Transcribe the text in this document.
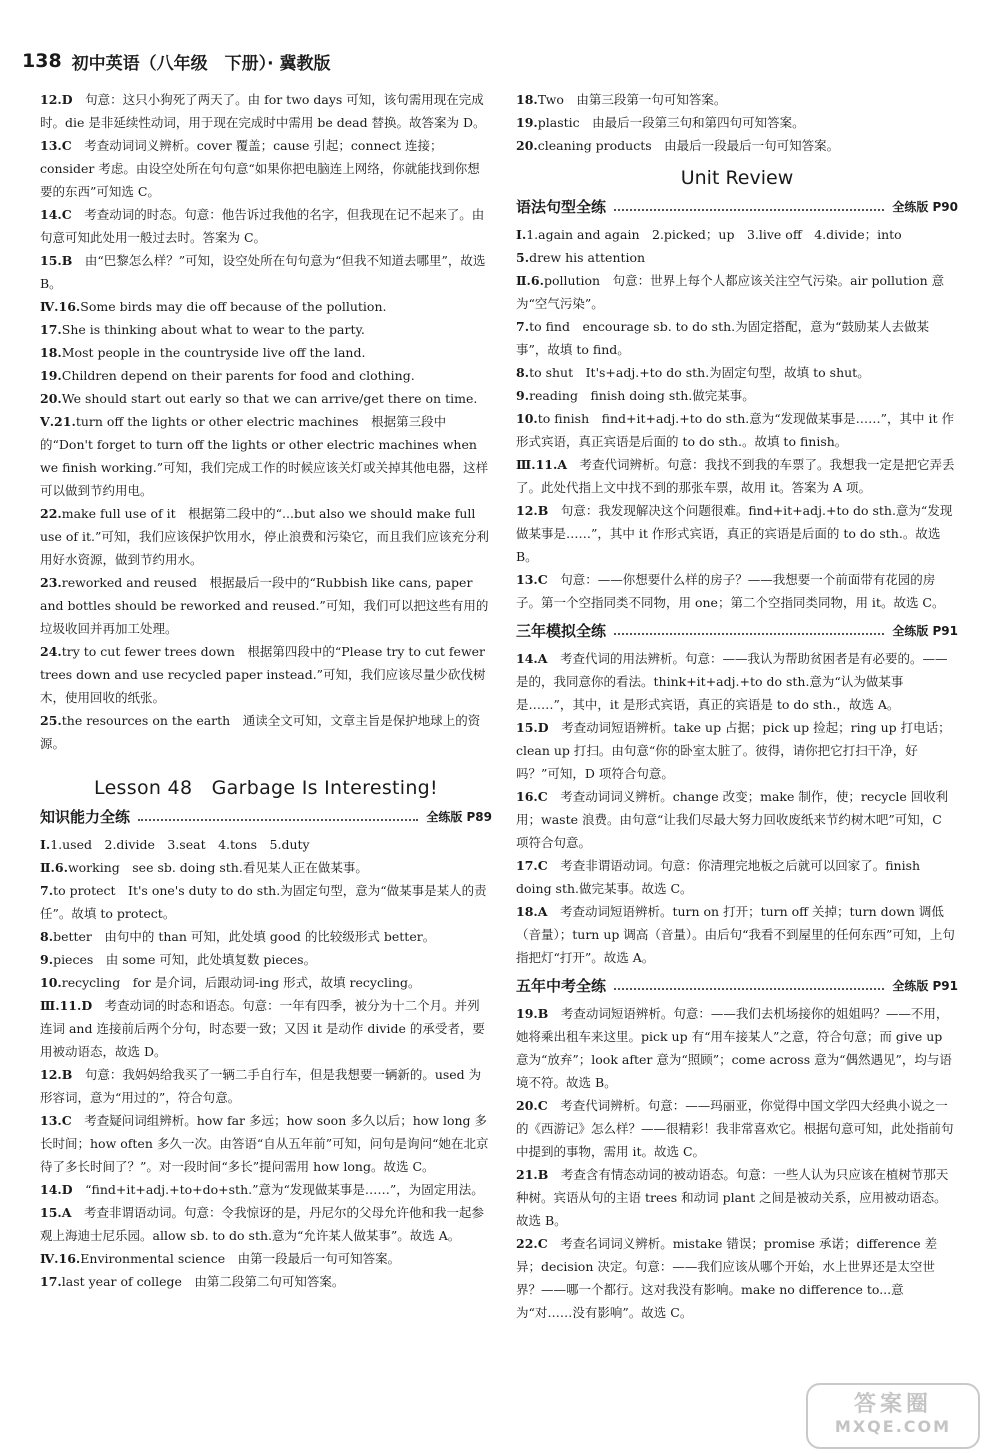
138 初中英语（八年级　下册）· 冀教版

12.D　句意：这只小狗死了两天了。由 for two days 可知，该句需用现在完成时。die 是非延续性动词，用于现在完成时中需用 be dead 替换。故答案为 D。

13.C　考查动词词义辨析。cover 覆盖；cause 引起；connect 连接；consider 考虑。由设空处所在句句意“如果你把电脑连上网络，你就能找到你想要的东西”可知选 C。

14.C　考查动词的时态。句意：他告诉过我他的名字，但我现在记不起来了。由句意可知此处用一般过去时。答案为 C。

15.B　由“巴黎怎么样？”可知，设空处所在句句意为“但我不知道去哪里”，故选 B。

Ⅳ.16.Some birds may die off because of the pollution.

17.She is thinking about what to wear to the party.

18.Most people in the countryside live off the land.

19.Children depend on their parents for food and clothing.

20.We should start out early so that we can arrive/get there on time.

Ⅴ.21.turn off the lights or other electric machines　根据第三段中的“Don't forget to turn off the lights or other electric machines when we finish working.”可知，我们完成工作的时候应该关灯或关掉其他电器，这样可以做到节约用电。

22.make full use of it　根据第二段中的“...but also we should make full use of it.”可知，我们应该保护饮用水，停止浪费和污染它，而且我们应该充分利用好水资源，做到节约用水。

23.reworked and reused　根据最后一段中的“Rubbish like cans, paper and bottles should be reworked and reused.”可知，我们可以把这些有用的垃圾收回并再加工处理。

24.try to cut fewer trees down　根据第四段中的“Please try to cut fewer trees down and use recycled paper instead.”可知，我们应该尽量少砍伐树木，使用回收的纸张。

25.the resources on the earth　通读全文可知，文章主旨是保护地球上的资源。

Lesson 48　Garbage Is Interesting!
知识能力全练	全练版 P89

Ⅰ.1.used　2.divide　3.seat　4.tons　5.duty

Ⅱ.6.working　see sb. doing sth.看见某人正在做某事。

7.to protect　It's one's duty to do sth.为固定句型，意为“做某事是某人的责任”。故填 to protect。

8.better　由句中的 than 可知，此处填 good 的比较级形式 better。

9.pieces　由 some 可知，此处填复数 pieces。

10.recycling　for 是介词，后跟动词-ing 形式，故填 recycling。

Ⅲ.11.D　考查动词的时态和语态。句意：一年有四季，被分为十二个月。并列连词 and 连接前后两个分句，时态要一致；又因 it 是动作 divide 的承受者，要用被动语态，故选 D。

12.B　句意：我妈妈给我买了一辆二手自行车，但是我想要一辆新的。used 为形容词，意为“用过的”，符合句意。

13.C　考查疑问词组辨析。how far 多远；how soon 多久以后；how long 多长时间；how often 多久一次。由答语“自从五年前”可知，问句是询问“她在北京待了多长时间了？”。对一段时间“多长”提问需用 how long。故选 C。

14.D　“find+it+adj.+to+do+sth.”意为“发现做某事是……”，为固定用法。

15.A　考查非谓语动词。句意：令我惊讶的是，丹尼尔的父母允许他和我一起参观上海迪士尼乐园。allow sb. to do sth.意为“允许某人做某事”。故选 A。

Ⅳ.16.Environmental science　由第一段最后一句可知答案。

17.last year of college　由第二段第二句可知答案。

18.Two　由第三段第一句可知答案。

19.plastic　由最后一段第三句和第四句可知答案。

20.cleaning products　由最后一段最后一句可知答案。

Unit Review
语法句型全练	全练版 P90

Ⅰ.1.again and again　2.picked；up　3.live off　4.divide；into

5.drew his attention

Ⅱ.6.pollution　句意：世界上每个人都应该关注空气污染。air pollution 意为“空气污染”。

7.to find　encourage sb. to do sth.为固定搭配，意为“鼓励某人去做某事”，故填 to find。

8.to shut　It's+adj.+to do sth.为固定句型，故填 to shut。

9.reading　finish doing sth.做完某事。

10.to finish　find+it+adj.+to do sth.意为“发现做某事是……”，其中 it 作形式宾语，真正宾语是后面的 to do sth.。故填 to finish。

Ⅲ.11.A　考查代词辨析。句意：我找不到我的车票了。我想我一定是把它弄丢了。此处代指上文中找不到的那张车票，故用 it。答案为 A 项。

12.B　句意：我发现解决这个问题很难。find+it+adj.+to do sth.意为“发现做某事是……”，其中 it 作形式宾语，真正的宾语是后面的 to do sth.。故选 B。

13.C　句意：——你想要什么样的房子？——我想要一个前面带有花园的房子。第一个空指同类不同物，用 one；第二个空指同类同物，用 it。故选 C。

三年模拟全练	全练版 P91

14.A　考查代词的用法辨析。句意：——我认为帮助贫困者是有必要的。——是的，我同意你的看法。think+it+adj.+to do sth.意为“认为做某事是……”，其中，it 是形式宾语，真正的宾语是 to do sth.，故选 A。

15.D　考查动词短语辨析。take up 占据；pick up 捡起；ring up 打电话；clean up 打扫。由句意“你的卧室太脏了。彼得，请你把它打扫干净，好吗？”可知，D 项符合句意。

16.C　考查动词词义辨析。change 改变；make 制作，使；recycle 回收利用；waste 浪费。由句意“让我们尽最大努力回收废纸来节约树木吧”可知，C 项符合句意。

17.C　考查非谓语动词。句意：你清理完地板之后就可以回家了。finish doing sth.做完某事。故选 C。

18.A　考查动词短语辨析。turn on 打开；turn off 关掉；turn down 调低（音量）；turn up 调高（音量）。由后句“我看不到屋里的任何东西”可知，上句指把灯“打开”。故选 A。

五年中考全练	全练版 P91

19.B　考查动词短语辨析。句意：——我们去机场接你的姐姐吗？——不用，她将乘出租车来这里。pick up 有“用车接某人”之意，符合句意；而 give up 意为“放弃”；look after 意为“照顾”；come across 意为“偶然遇见”，均与语境不符。故选 B。

20.C　考查代词辨析。句意：——玛丽亚，你觉得中国文学四大经典小说之一的《西游记》怎么样？——很精彩！我非常喜欢它。根据句意可知，此处指前句中提到的事物，需用 it。故选 C。

21.B　考查含有情态动词的被动语态。句意：一些人认为只应该在植树节那天种树。宾语从句的主语 trees 和动词 plant 之间是被动关系，应用被动语态。故选 B。

22.C　考查名词词义辨析。mistake 错误；promise 承诺；difference 差异；decision 决定。句意：——我们应该从哪个开始，水上世界还是太空世界？——哪一个都行。这对我没有影响。make no difference to...意为“对……没有影响”。故选 C。

答案圈
MXQE.COM
